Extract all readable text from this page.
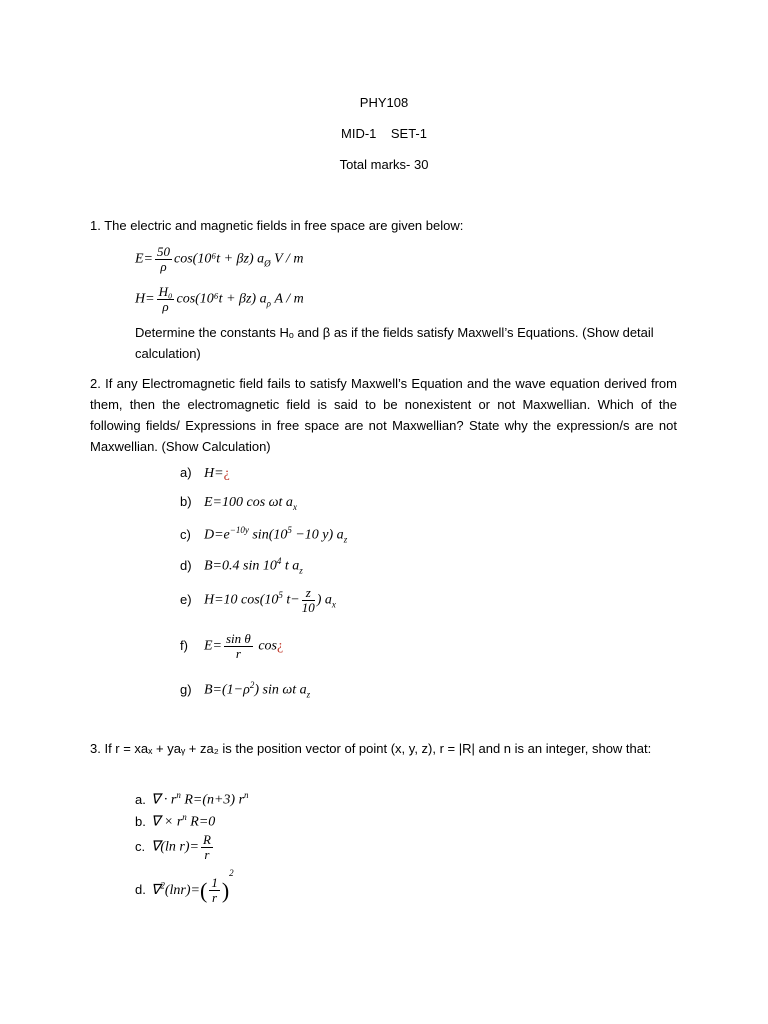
PHY108
MID-1    SET-1
Total marks- 30
1. The electric and magnetic fields in free space are given below:
$E= \frac{50}{\rho} \cos(10^6t + \beta z)$ $a_Ø$ V / m
$H= \frac{\text{H₀}}{\rho} \cos(10^6t + \beta z)$ $a_\rho$ A / m
Determine the constants Hₒ and β as if the fields satisfy Maxwell’s Equations. (Show detail calculation)
2. If any Electromagnetic field fails to satisfy Maxwell’s Equation and the wave equation derived from them, then the electromagnetic field is said to be nonexistent or not Maxwellian. Which of the following fields/ Expressions in free space are not Maxwellian? State why the expression/s are not Maxwellian. (Show Calculation)
a) H=¿
b) E=100 cos ωt $a_x$
c) $D=e^{-10y}$ $\sin(10^5 -10$ y) $a_z$
d) B=0.4 $\sin 10^4$ t $a_z$
e) H=10 $\cos(10^5$ $t- \frac{z}{10}$ ) $a_x$
f) $E= \frac{\text{sin θ}}{r}$ cos¿
g) $B=(1-\rho^2)$ sin ωt $a_z$
3. If r = xaₓ + yaᵧ + za₂ is the position vector of point (x, y, z), r = |R| and n is an integer, show that:
a. ∇ · $r^n$ R=(n+3) $r^n$
b. ∇ × $r^n$ R=0
c. ∇(ln $r)= \frac{R}{r}$
d. $\nabla^2(\ln r)=( \frac{1}{r} )^2$
